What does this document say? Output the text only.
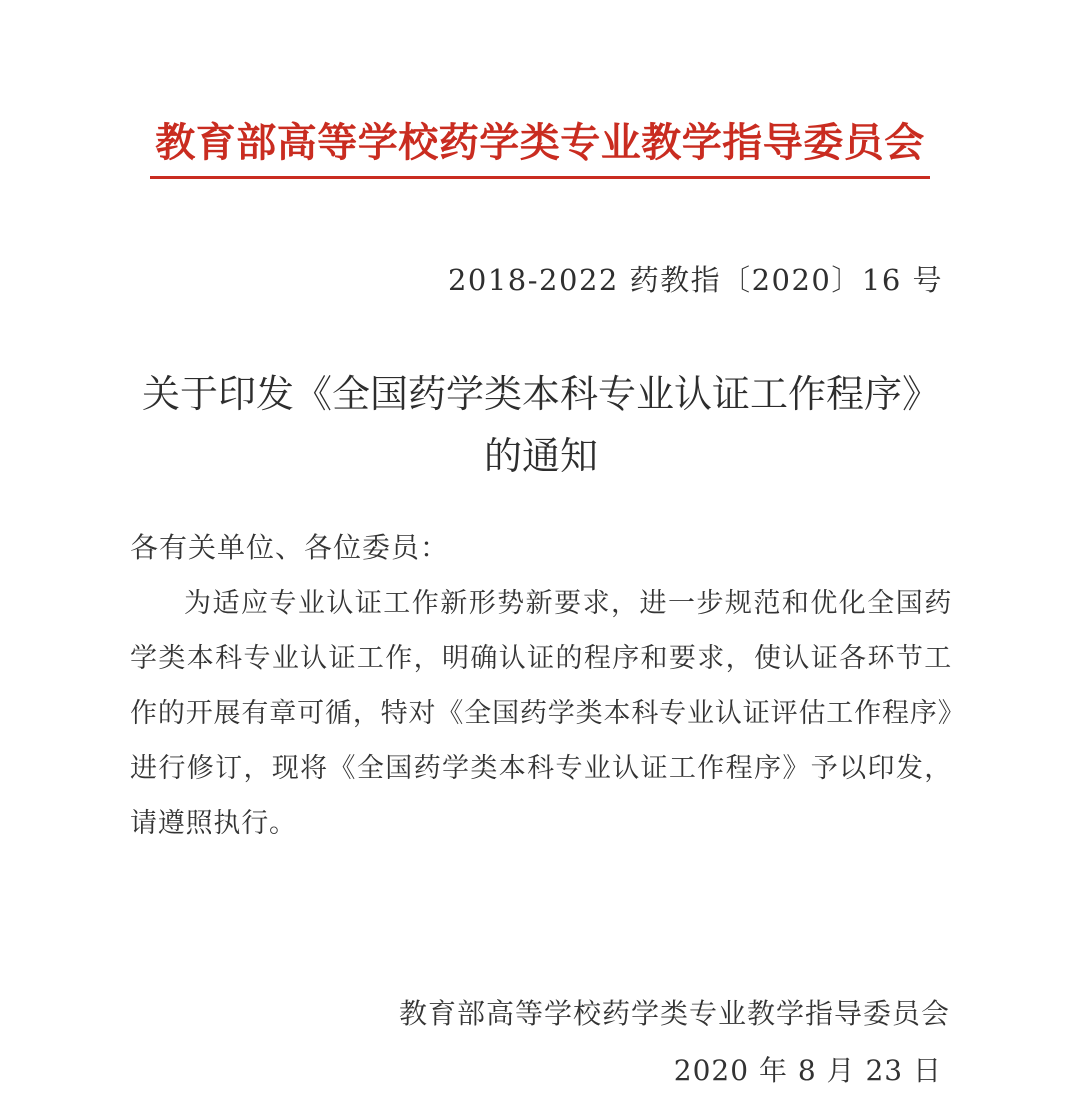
教育部高等学校药学类专业教学指导委员会
2018-2022 药教指〔2020〕16 号
关于印发《全国药学类本科专业认证工作程序》的通知

各有关单位、各位委员：

为适应专业认证工作新形势新要求，进一步规范和优化全国药学类本科专业认证工作，明确认证的程序和要求，使认证各环节工作的开展有章可循，特对《全国药学类本科专业认证评估工作程序》进行修订，现将《全国药学类本科专业认证工作程序》予以印发，请遵照执行。

教育部高等学校药学类专业教学指导委员会
2020 年 8 月 23 日
